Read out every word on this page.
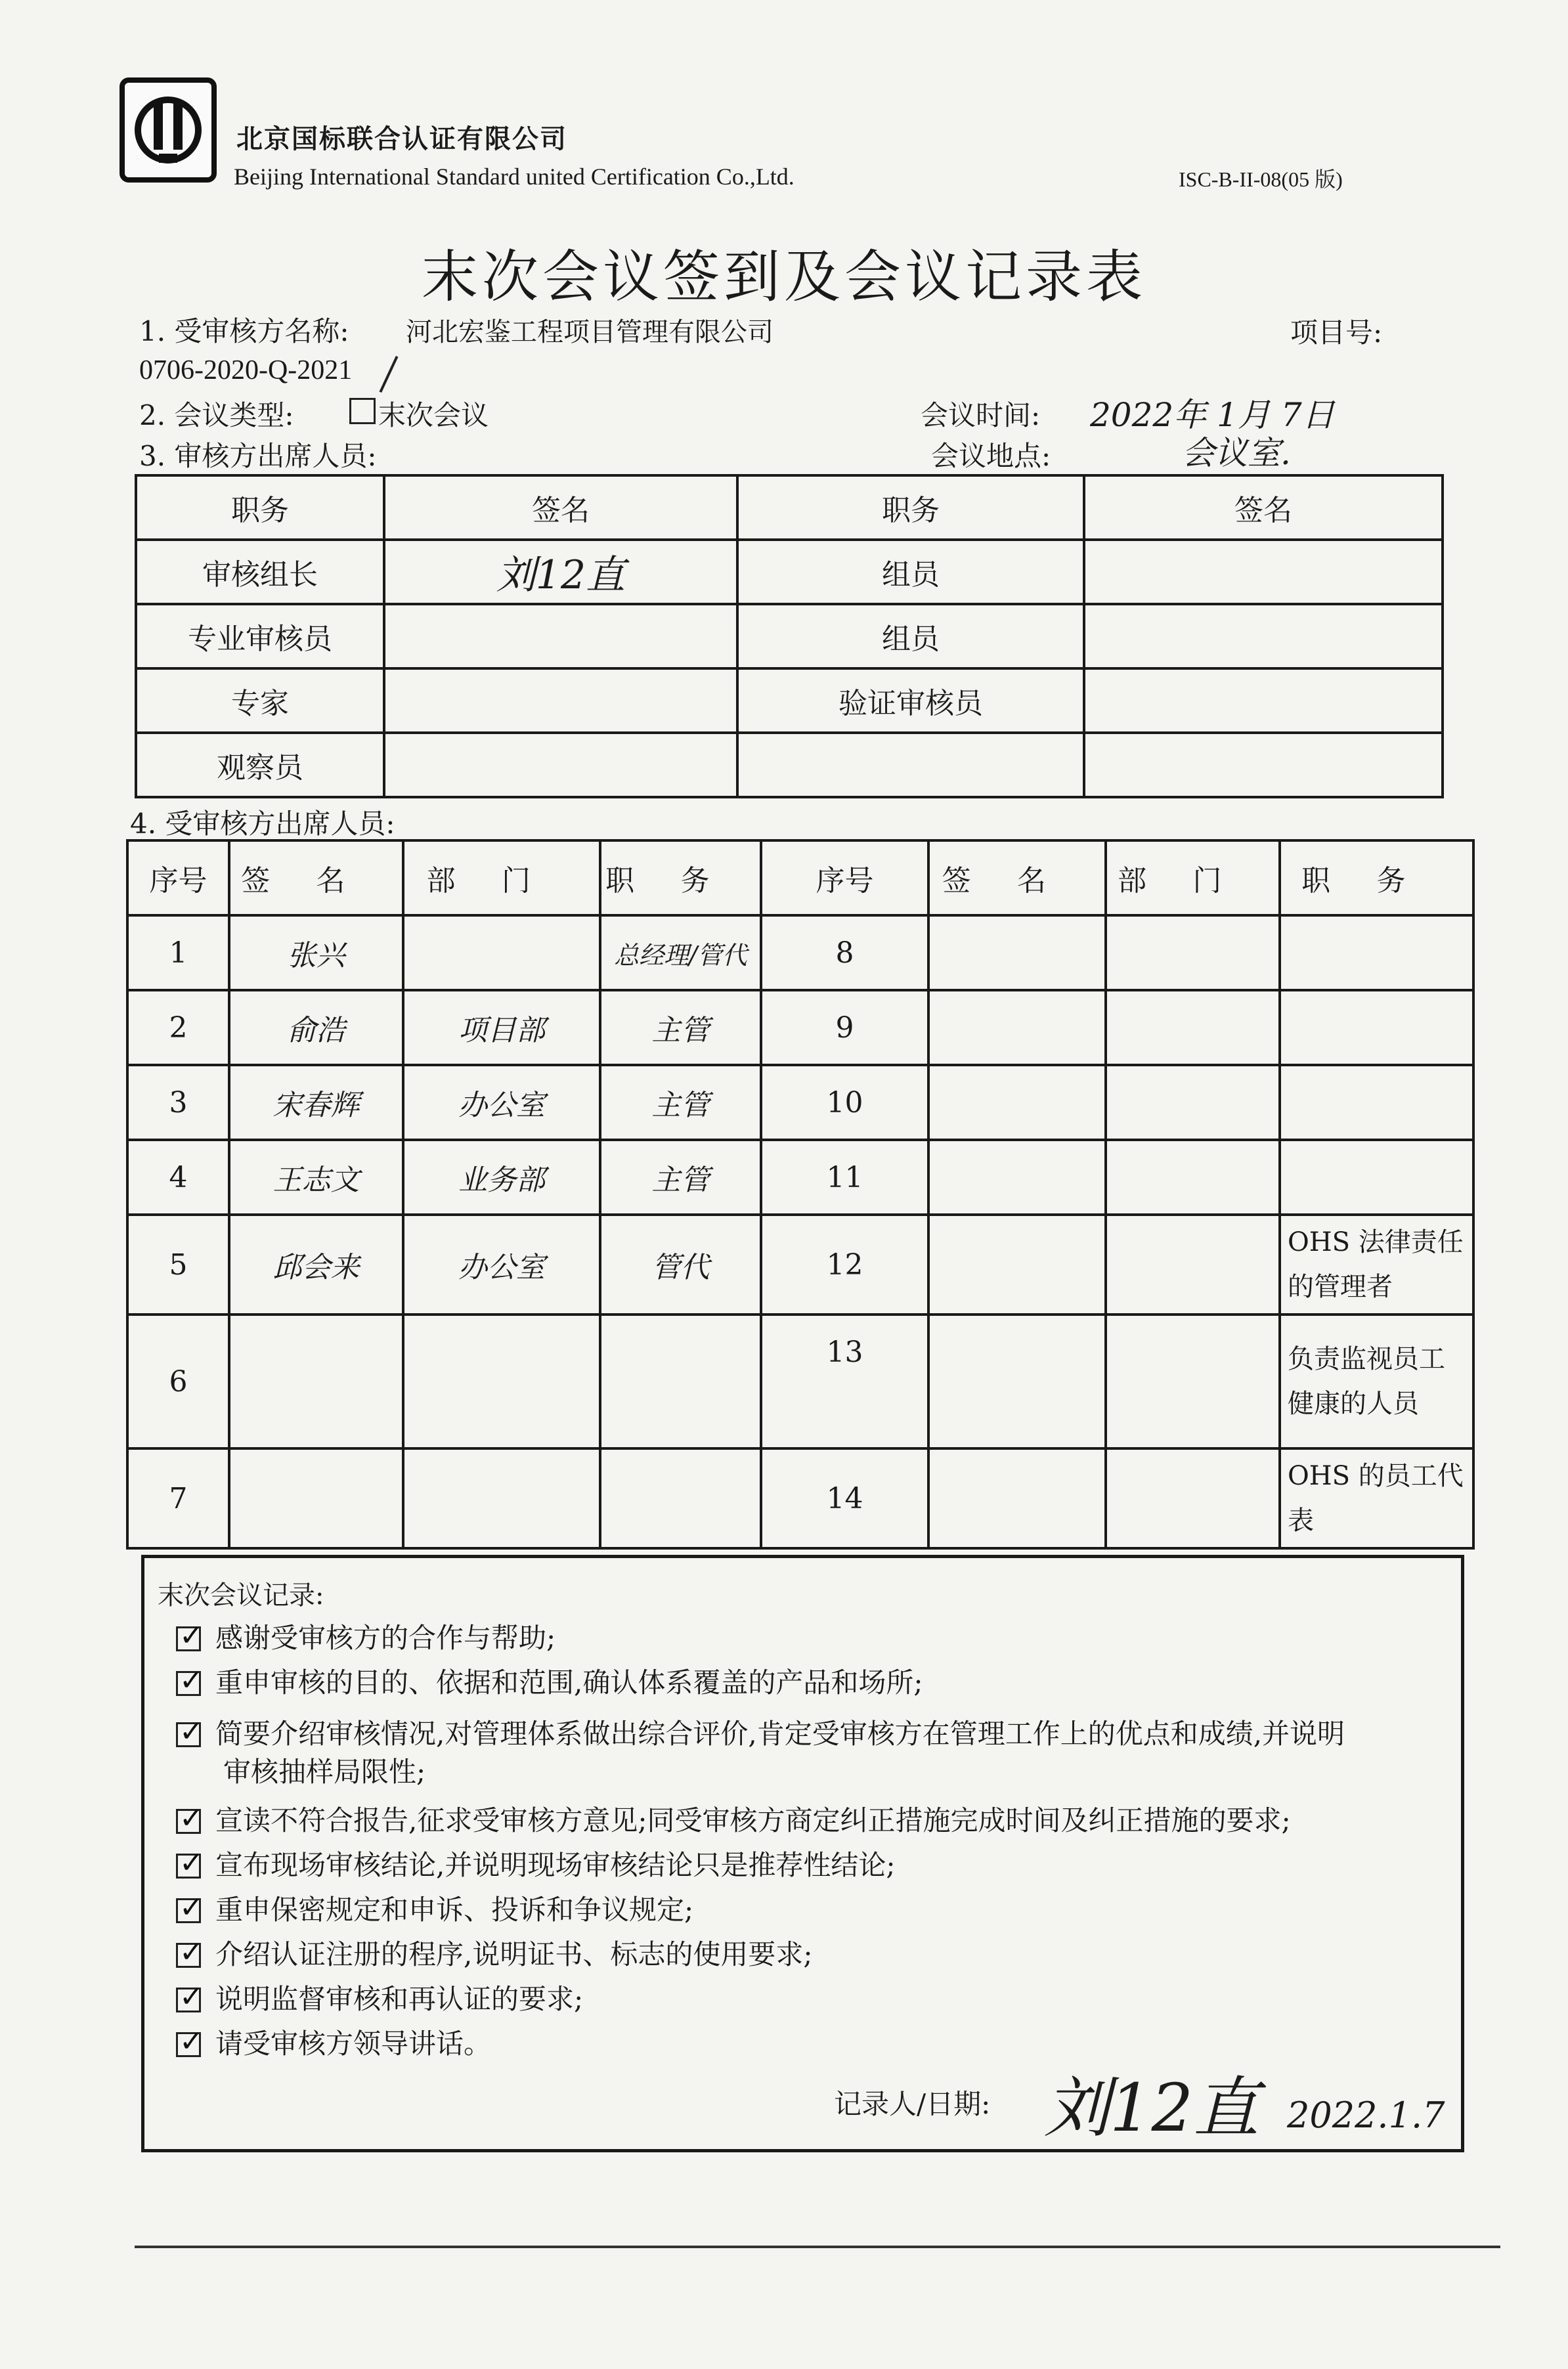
北京国标联合认证有限公司
Beijing International Standard united Certification Co.,Ltd.	ISC-B-II-08(05 版)
末次会议签到及会议记录表
1. 受审核方名称: 河北宏鉴工程项目管理有限公司	项目号:
0706-2020-Q-2021
2. 会议类型:	末次会议	会议时间: 2022年 1月 7日
3. 审核方出席人员:	会议地点:	会议室.
职务	签名	职务	签名
审核组长	刘12直	组员	
专业审核员		组员	
专家		验证审核员	
观察员			
4. 受审核方出席人员:
序号	签名	部门	职务	序号	签名	部门	职务
1	张兴		总经理/管代	8			
2	俞浩	项目部	主管	9			
3	宋春辉	办公室	主管	10			
4	王志文	业务部	主管	11			
5	邱会来	办公室	管代	12			OHS 法律责任的管理者
6				13			负责监视员工健康的人员
7				14			OHS 的员工代表
末次会议记录:
✓感谢受审核方的合作与帮助;
✓重申审核的目的、依据和范围,确认体系覆盖的产品和场所;
✓简要介绍审核情况,对管理体系做出综合评价,肯定受审核方在管理工作上的优点和成绩,并说明
审核抽样局限性;
✓宣读不符合报告,征求受审核方意见;同受审核方商定纠正措施完成时间及纠正措施的要求;
✓宣布现场审核结论,并说明现场审核结论只是推荐性结论;
✓重申保密规定和申诉、投诉和争议规定;
✓介绍认证注册的程序,说明证书、标志的使用要求;
✓说明监督审核和再认证的要求;
✓请受审核方领导讲话。
记录人/日期: 刘12直 2022.1.7
